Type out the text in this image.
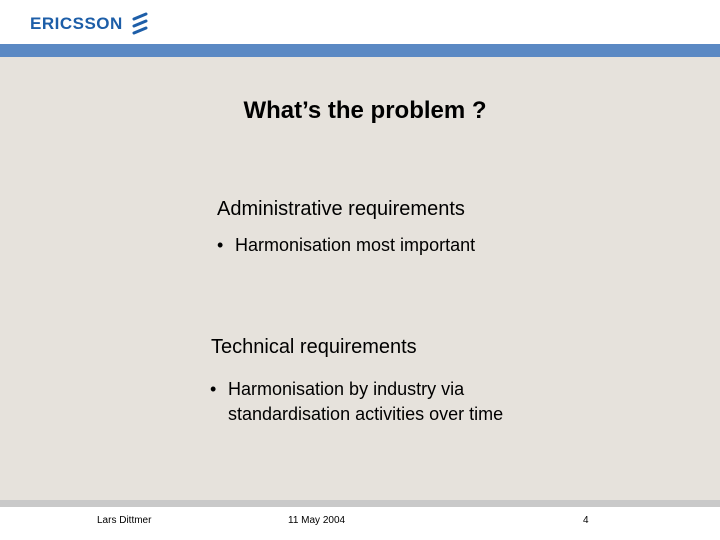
ERICSSON
What’s the problem ?
Administrative requirements
• Harmonisation most important
Technical requirements
• Harmonisation by industry via
standardisation activities over time
Lars Dittmer	11 May 2004	4
